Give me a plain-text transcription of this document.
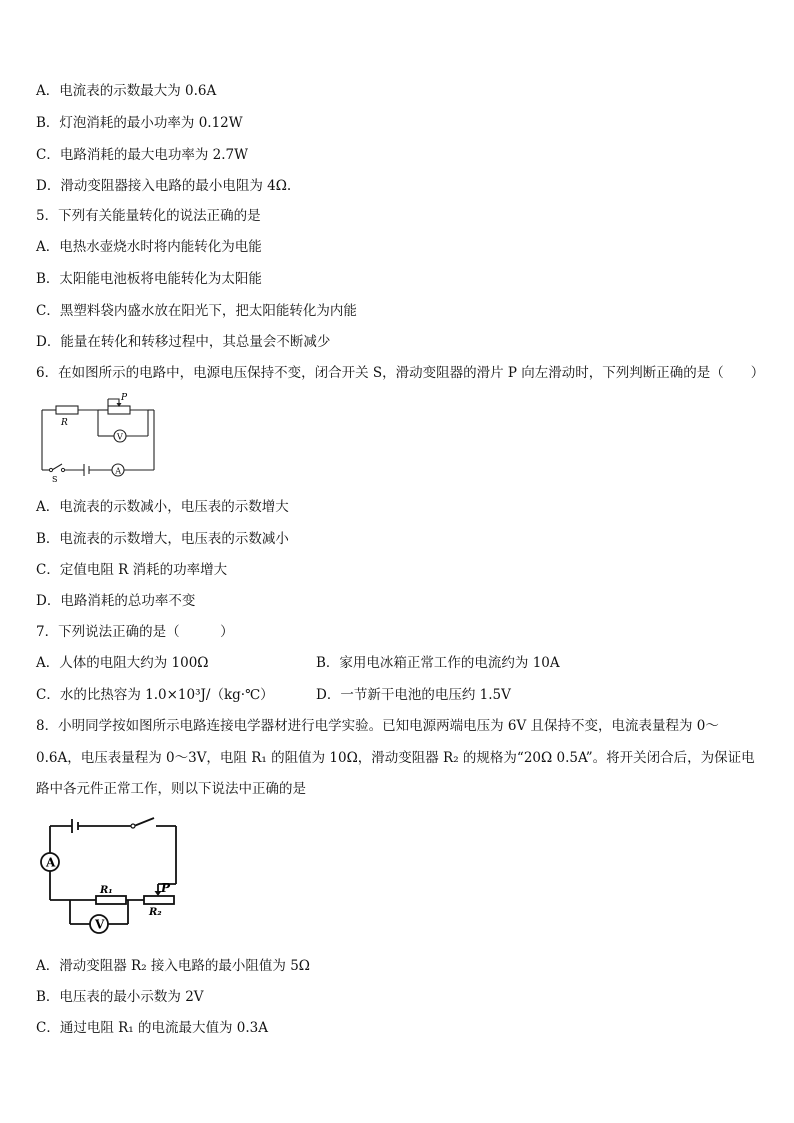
A．电流表的示数最大为 0.6A
B．灯泡消耗的最小功率为 0.12W
C．电路消耗的最大电功率为 2.7W
D．滑动变阻器接入电路的最小电阻为 4Ω.
5．下列有关能量转化的说法正确的是
A．电热水壶烧水时将内能转化为电能
B．太阳能电池板将电能转化为太阳能
C．黑塑料袋内盛水放在阳光下，把太阳能转化为内能
D．能量在转化和转移过程中，其总量会不断减少
6．在如图所示的电路中，电源电压保持不变，闭合开关 S，滑动变阻器的滑片 P 向左滑动时，下列判断正确的是（　　）
R
P
V
A
S
A．电流表的示数减小，电压表的示数增大
B．电流表的示数增大，电压表的示数减小
C．定值电阻 R 消耗的功率增大
D．电路消耗的总功率不变
7．下列说法正确的是（　　　）
A．人体的电阻大约为 100Ω	B．家用电冰箱正常工作的电流约为 10A
C．水的比热容为 1.0×10³J/（kg·℃）	D．一节新干电池的电压约 1.5V
8．小明同学按如图所示电路连接电学器材进行电学实验。已知电源两端电压为 6V 且保持不变，电流表量程为 0～
0.6A，电压表量程为 0～3V，电阻 R₁ 的阻值为 10Ω，滑动变阻器 R₂ 的规格为“20Ω 0.5A”。将开关闭合后，为保证电
路中各元件正常工作，则以下说法中正确的是
A
V
R₁
R₂
P
A．滑动变阻器 R₂ 接入电路的最小阻值为 5Ω
B．电压表的最小示数为 2V
C．通过电阻 R₁ 的电流最大值为 0.3A
